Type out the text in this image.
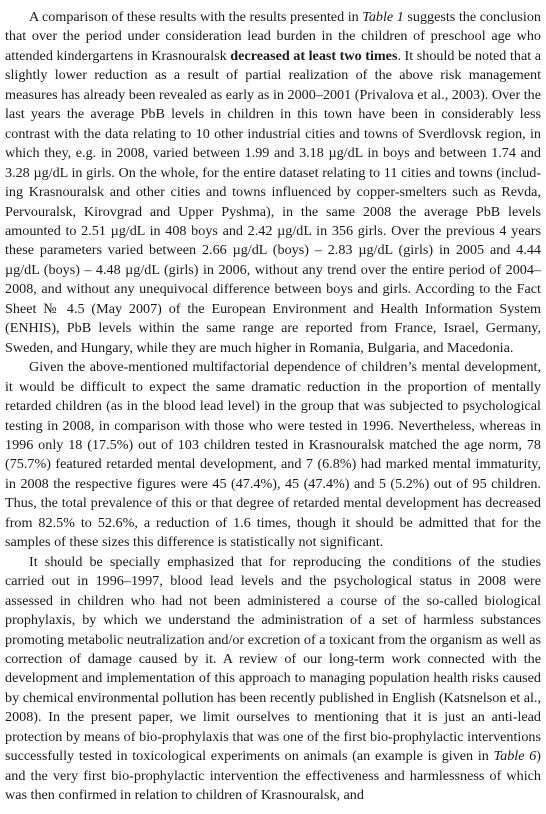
A comparison of these results with the results presented in Table 1 suggests the conclusion that over the period under consideration lead burden in the children of preschool age who attended kindergartens in Krasnouralsk decreased at least two times. It should be noted that a slightly lower reduction as a result of partial realization of the above risk management measures has already been revealed as early as in 2000–2001 (Privalova et al., 2003). Over the last years the average PbB levels in children in this town have been in considerably less contrast with the data relating to 10 other industrial cities and towns of Sverdlovsk region, in which they, e.g. in 2008, varied between 1.99 and 3.18 µg/dL in boys and between 1.74 and 3.28 µg/dL in girls. On the whole, for the entire dataset relating to 11 cities and towns (including Krasnouralsk and other cities and towns influenced by copper-smelters such as Revda, Pervouralsk, Kirovgrad and Upper Pyshma), in the same 2008 the average PbB levels amounted to 2.51 µg/dL in 408 boys and 2.42 µg/dL in 356 girls. Over the previous 4 years these parameters varied between 2.66 µg/dL (boys) – 2.83 µg/dL (girls) in 2005 and 4.44 µg/dL (boys) – 4.48 µg/dL (girls) in 2006, without any trend over the entire period of 2004–2008, and without any unequivocal difference between boys and girls. According to the Fact Sheet № 4.5 (May 2007) of the European Environment and Health Information System (ENHIS), PbB levels within the same range are reported from France, Israel, Germany, Sweden, and Hungary, while they are much higher in Romania, Bulgaria, and Macedonia.

Given the above-mentioned multifactorial dependence of children’s mental development, it would be difficult to expect the same dramatic reduction in the proportion of mentally retarded children (as in the blood lead level) in the group that was subjected to psychological testing in 2008, in comparison with those who were tested in 1996. Nevertheless, whereas in 1996 only 18 (17.5%) out of 103 children tested in Krasnouralsk matched the age norm, 78 (75.7%) featured retarded mental development, and 7 (6.8%) had marked mental immaturity, in 2008 the respective figures were 45 (47.4%), 45 (47.4%) and 5 (5.2%) out of 95 children. Thus, the total prevalence of this or that degree of retarded mental development has decreased from 82.5% to 52.6%, a reduction of 1.6 times, though it should be admitted that for the samples of these sizes this difference is statistically not significant.

It should be specially emphasized that for reproducing the conditions of the studies carried out in 1996–1997, blood lead levels and the psychological status in 2008 were assessed in children who had not been administered a course of the so-called biological prophylaxis, by which we understand the administration of a set of harmless substances promoting metabolic neutralization and/or excretion of a toxicant from the organism as well as correction of damage caused by it. A review of our long-term work connected with the development and implementation of this approach to managing population health risks caused by chemical environmental pollution has been recently published in English (Katsnelson et al., 2008). In the present paper, we limit ourselves to mentioning that it is just an anti-lead protection by means of bio-prophylaxis that was one of the first bio-prophylactic interventions successfully tested in toxicological experiments on animals (an example is given in Table 6) and the very first bio-prophylactic intervention the effectiveness and harmlessness of which was then confirmed in relation to children of Krasnouralsk, and
